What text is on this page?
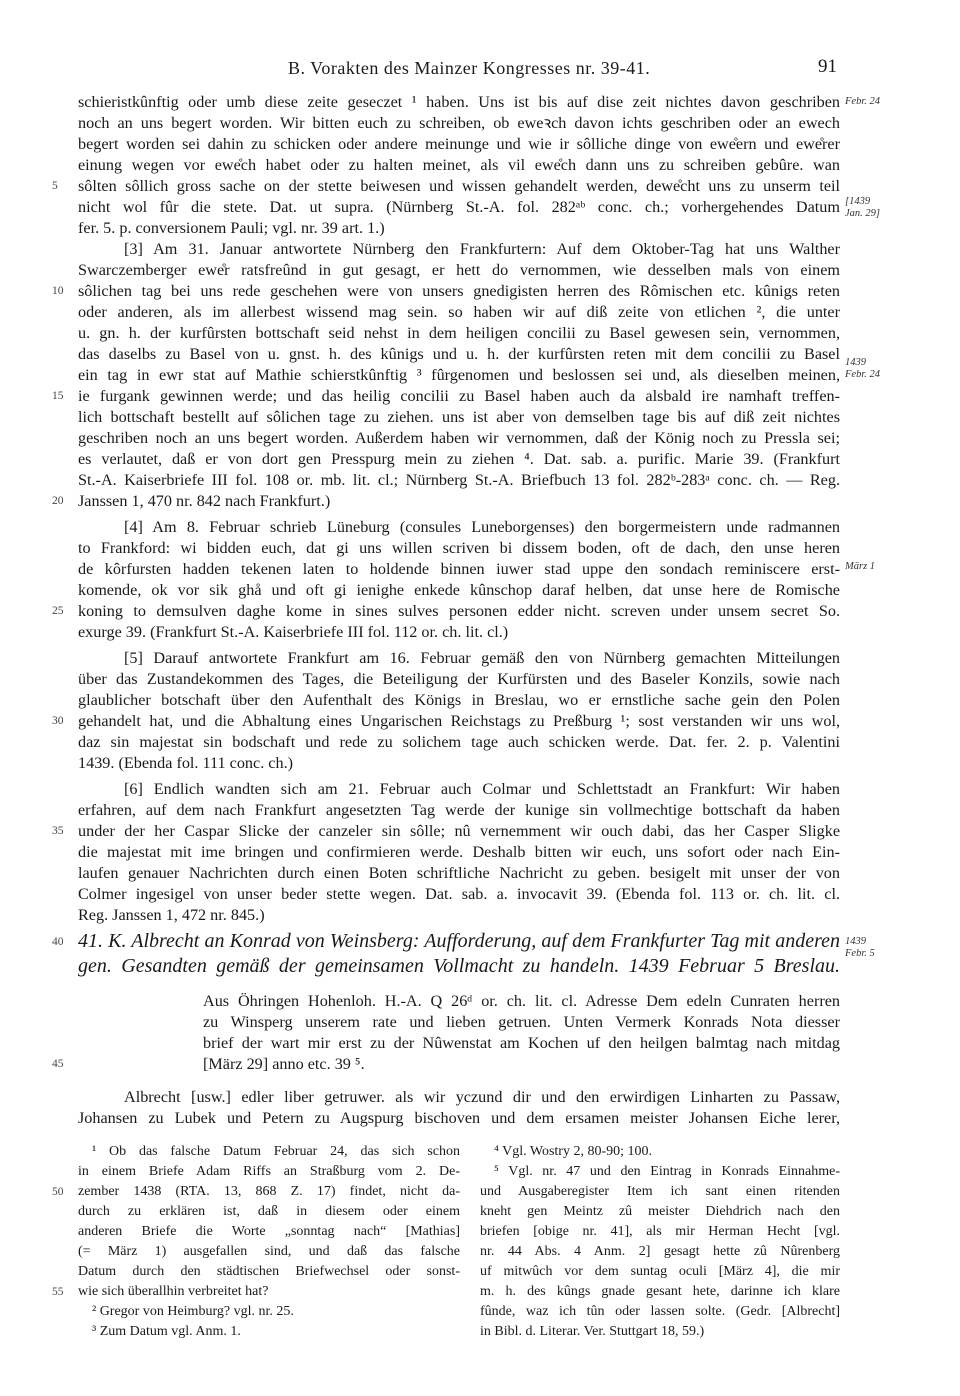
B. Vorakten des Mainzer Kongresses nr. 39-41.	91
schieristkûnftig oder umb diese zeite geseczet ¹ haben. Uns ist bis auf dise zeit nichtes davon geschriben
noch an uns begert worden. Wir bitten euch zu schreiben, ob eweꝛch davon ichts geschriben oder an ewech
begert worden sei dahin zu schicken oder andere meinunge und wie ir sôlliche dinge von ewe̊ern und ewe̊rer
einung wegen vor ewe̊ch habet oder zu halten meinet, als vil ewe̊ch dann uns zu schreiben gebûre. wan
sôlten sôllich gross sache on der stette beiwesen und wissen gehandelt werden, dewe̊cht uns zu unserm teil
nicht wol fûr die stete. Dat. ut supra. (Nürnberg St.-A. fol. 282ᵃᵇ conc. ch.; vorhergehendes Datum
fer. 5. p. conversionem Pauli; vgl. nr. 39 art. 1.)
[3] Am 31. Januar antwortete Nürnberg den Frankfurtern: Auf dem Oktober-Tag hat uns Walther
Swarczemberger ewe̊r ratsfreûnd in gut gesagt, er hett do vernommen, wie desselben mals von einem
sôlichen tag bei uns rede geschehen were von unsers gnedigisten herren des Rômischen etc. kûnigs reten
oder anderen, als im allerbest wissend mag sein. so haben wir auf diß zeite von etlichen ², die unter
u. gn. h. der kurfûrsten bottschaft seid nehst in dem heiligen concilii zu Basel gewesen sein, vernommen,
das daselbs zu Basel von u. gnst. h. des kûnigs und u. h. der kurfûrsten reten mit dem concilii zu Basel
ein tag in ewr stat auf Mathie schierstkûnftig ³ fûrgenomen und beslossen sei und, als dieselben meinen,
ie furgank gewinnen werde; und das heilig concilii zu Basel haben auch da alsbald ire namhaft treffen-
lich bottschaft bestellt auf sôlichen tage zu ziehen. uns ist aber von demselben tage bis auf diß zeit nichtes
geschriben noch an uns begert worden. Außerdem haben wir vernommen, daß der König noch zu Pressla sei;
es verlautet, daß er von dort gen Presspurg mein zu ziehen ⁴. Dat. sab. a. purific. Marie 39. (Frankfurt
St.-A. Kaiserbriefe III fol. 108 or. mb. lit. cl.; Nürnberg St.-A. Briefbuch 13 fol. 282ᵇ-283ᵃ conc. ch. — Reg.
Janssen 1, 470 nr. 842 nach Frankfurt.)
[4] Am 8. Februar schrieb Lüneburg (consules Luneborgenses) den borgermeistern unde radmannen
to Frankford: wi bidden euch, dat gi uns willen scriven bi dissem boden, oft de dach, den unse heren
de kôrfursten hadden tekenen laten to holdende binnen iuwer stad uppe den sondach reminiscere erst-
komende, ok vor sik ghå und oft gi ienighe enkede kûnschop daraf helben, dat unse here de Romische
koning to demsulven daghe kome in sines sulves personen edder nicht. screven under unsem secret So.
exurge 39. (Frankfurt St.-A. Kaiserbriefe III fol. 112 or. ch. lit. cl.)
[5] Darauf antwortete Frankfurt am 16. Februar gemäß den von Nürnberg gemachten Mitteilungen
über das Zustandekommen des Tages, die Beteiligung der Kurfürsten und des Baseler Konzils, sowie nach
glaublicher botschaft über den Aufenthalt des Königs in Breslau, wo er ernstliche sache gein den Polen
gehandelt hat, und die Abhaltung eines Ungarischen Reichstags zu Preßburg ¹; sost verstanden wir uns wol,
daz sin majestat sin bodschaft und rede zu solichem tage auch schicken werde. Dat. fer. 2. p. Valentini
1439. (Ebenda fol. 111 conc. ch.)
[6] Endlich wandten sich am 21. Februar auch Colmar und Schlettstadt an Frankfurt: Wir haben
erfahren, auf dem nach Frankfurt angesetzten Tag werde der kunige sin vollmechtige bottschaft da haben
under der her Caspar Slicke der canzeler sin sôlle; nû vernemment wir ouch dabi, das her Casper Sligke
die majestat mit ime bringen und confirmieren werde. Deshalb bitten wir euch, uns sofort oder nach Ein-
laufen genauer Nachrichten durch einen Boten schriftliche Nachricht zu geben. besigelt mit unser der von
Colmer ingesigel von unser beder stette wegen. Dat. sab. a. invocavit 39. (Ebenda fol. 113 or. ch. lit. cl.
Reg. Janssen 1, 472 nr. 845.)
41. K. Albrecht an Konrad von Weinsberg: Aufforderung, auf dem Frankfurter Tag mit anderen
gen. Gesandten gemäß der gemeinsamen Vollmacht zu handeln. 1439 Februar 5 Breslau.
Aus Öhringen Hohenloh. H.-A. Q 26ᵈ or. ch. lit. cl. Adresse Dem edeln Cunraten herren
zu Winsperg unserem rate und lieben getruen. Unten Vermerk Konrads Nota diesser
brief der wart mir erst zu der Nûwenstat am Kochen uf den heilgen balmtag nach mitdag
[März 29] anno etc. 39 ⁵.
Albrecht [usw.] edler liber getruwer. als wir yczund dir und den erwirdigen Linharten zu Passaw,
Johansen zu Lubek und Petern zu Augspurg bischoven und dem ersamen meister Johansen Eiche lerer,
¹ Ob das falsche Datum Februar 24, das sich schon
in einem Briefe Adam Riffs an Straßburg vom 2. De-
zember 1438 (RTA. 13, 868 Z. 17) findet, nicht da-
durch zu erklären ist, daß in diesem oder einem
anderen Briefe die Worte „sonntag nach“ [Mathias]
(= März 1) ausgefallen sind, und daß das falsche
Datum durch den städtischen Briefwechsel oder sonst-
wie sich überallhin verbreitet hat?
² Gregor von Heimburg? vgl. nr. 25.
³ Zum Datum vgl. Anm. 1.
⁴ Vgl. Wostry 2, 80-90; 100.
⁵ Vgl. nr. 47 und den Eintrag in Konrads Einnahme-
und Ausgaberegister Item ich sant einen ritenden
kneht gen Meintz zû meister Diehdrich nach den
briefen [obige nr. 41], als mir Herman Hecht [vgl.
nr. 44 Abs. 4 Anm. 2] gesagt hette zû Nûrenberg
uf mitwûch vor dem suntag oculi [März 4], die mir
m. h. des kûngs gnade gesant hete, darinne ich klare
fûnde, waz ich tûn oder lassen solte. (Gedr. [Albrecht]
in Bibl. d. Literar. Ver. Stuttgart 18, 59.)
5
10
15
20
25
30
35
40
45
50
55
Febr. 24
[1439
Jan. 29]
1439
Febr. 24
März 1
1439
Febr. 5
